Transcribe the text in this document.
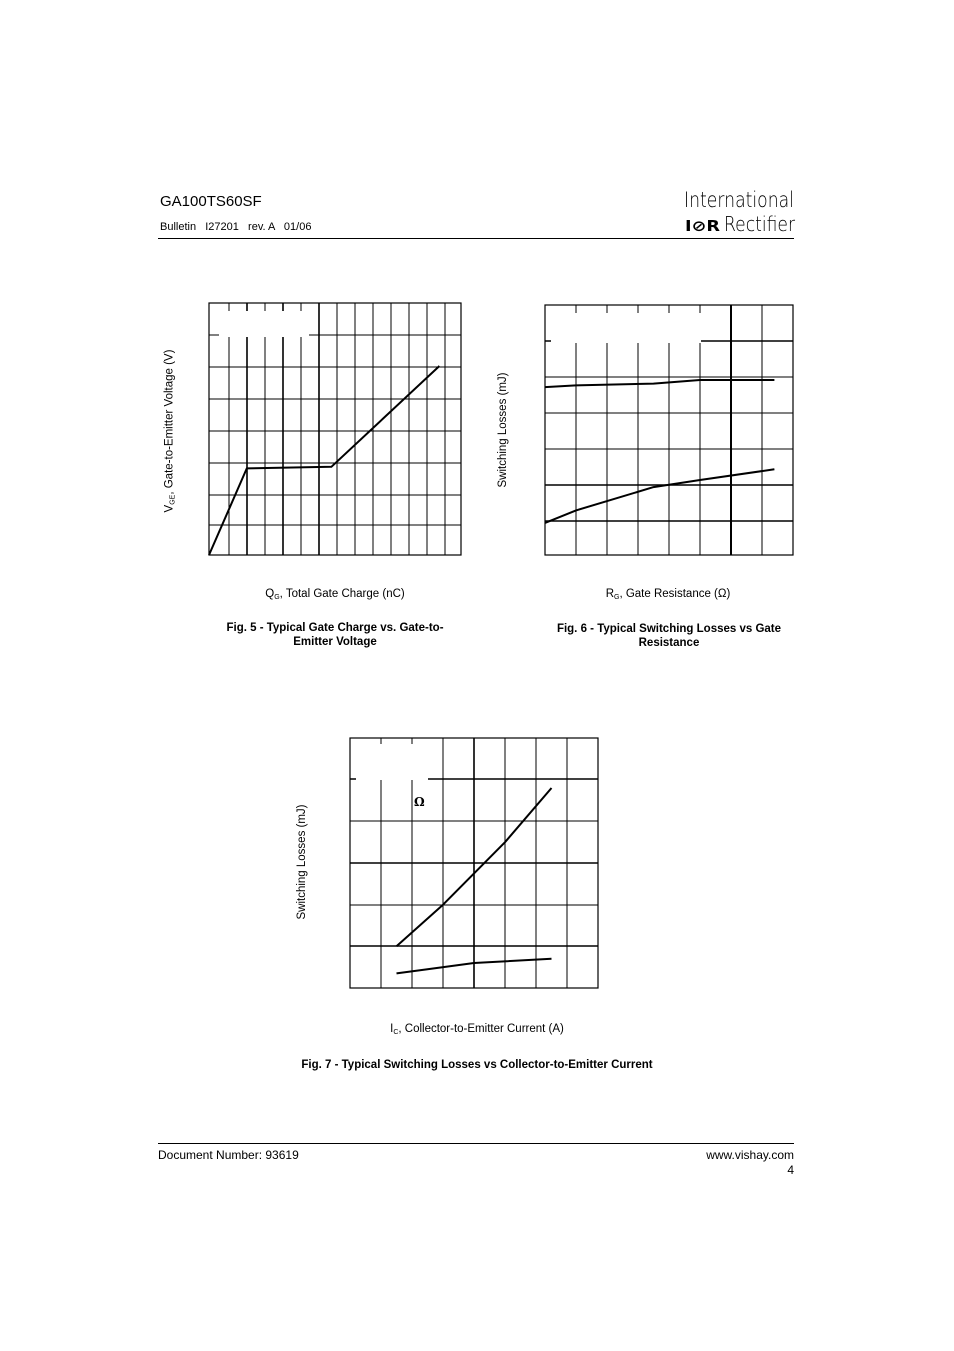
GA100TS60SF
Bulletin   I27201   rev. A   01/06
International
I⊘R Rectifier
$V_{GE}$, Gate-to-Emitter Voltage (V)
$Q_G$, Total Gate Charge (nC)
Fig. 5 - Typical Gate Charge vs. Gate-to-
Emitter Voltage
Switching Losses (mJ)
$R_G$, Gate Resistance (Ω)
Fig. 6 - Typical Switching Losses vs Gate
Resistance
Ω
Switching Losses (mJ)
$I_C$, Collector-to-Emitter Current (A)
Fig. 7 - Typical Switching Losses vs Collector-to-Emitter Current
Document Number: 93619	www.vishay.com
4
